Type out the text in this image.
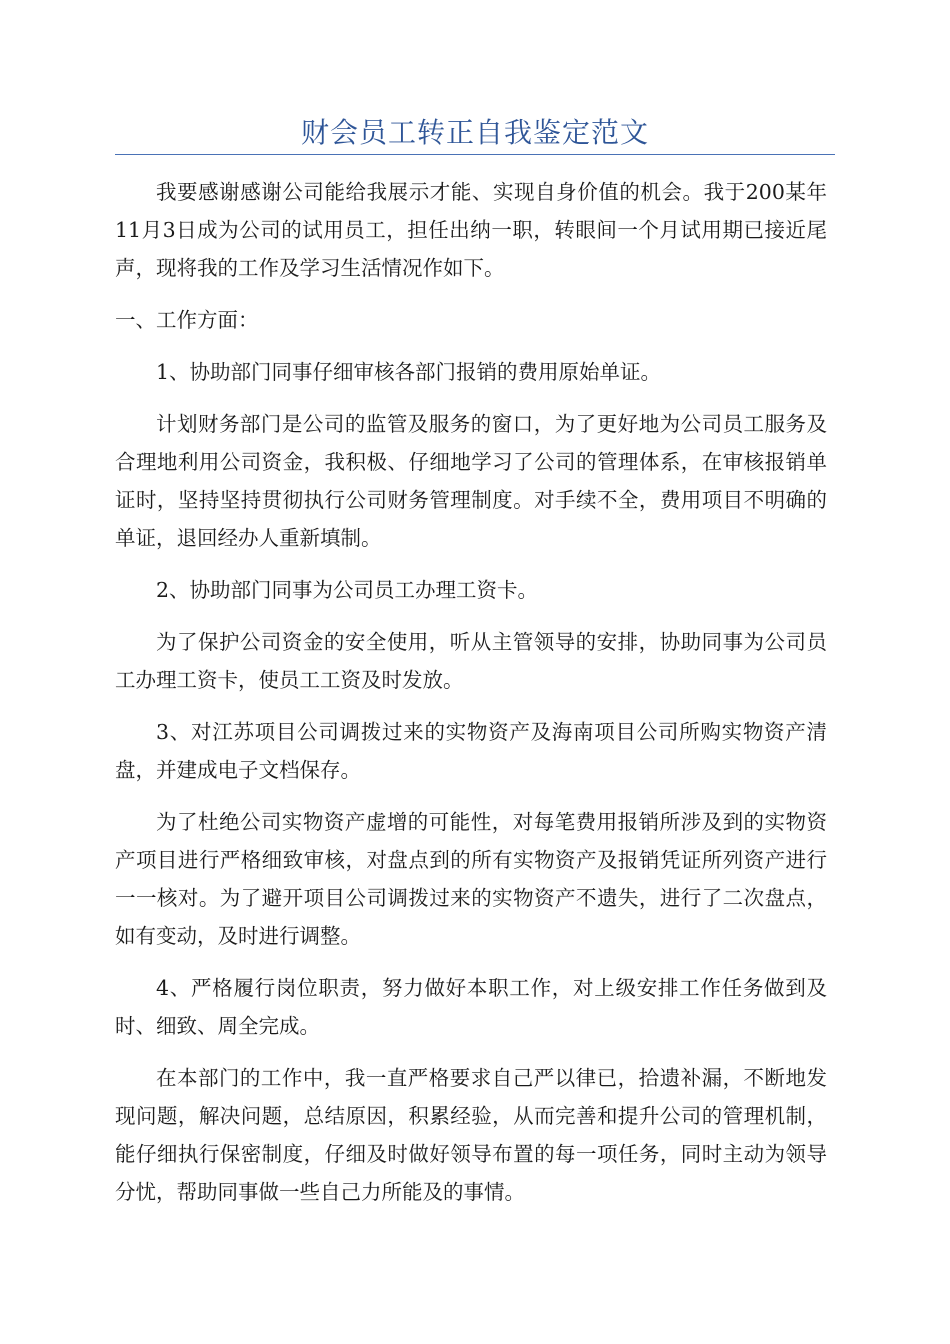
财会员工转正自我鉴定范文

我要感谢感谢公司能给我展示才能、实现自身价值的机会。我于200某年11月3日成为公司的试用员工，担任出纳一职，转眼间一个月试用期已接近尾声，现将我的工作及学习生活情况作如下。

一、工作方面：

1、协助部门同事仔细审核各部门报销的费用原始单证。

计划财务部门是公司的监管及服务的窗口，为了更好地为公司员工服务及合理地利用公司资金，我积极、仔细地学习了公司的管理体系，在审核报销单证时，坚持坚持贯彻执行公司财务管理制度。对手续不全，费用项目不明确的单证，退回经办人重新填制。

2、协助部门同事为公司员工办理工资卡。

为了保护公司资金的安全使用，听从主管领导的安排，协助同事为公司员工办理工资卡，使员工工资及时发放。

3、对江苏项目公司调拨过来的实物资产及海南项目公司所购实物资产清盘，并建成电子文档保存。

为了杜绝公司实物资产虚增的可能性，对每笔费用报销所涉及到的实物资产项目进行严格细致审核，对盘点到的所有实物资产及报销凭证所列资产进行一一核对。为了避开项目公司调拨过来的实物资产不遗失，进行了二次盘点，如有变动，及时进行调整。

4、严格履行岗位职责，努力做好本职工作，对上级安排工作任务做到及时、细致、周全完成。

在本部门的工作中，我一直严格要求自己严以律已，拾遗补漏，不断地发现问题，解决问题，总结原因，积累经验，从而完善和提升公司的管理机制，能仔细执行保密制度，仔细及时做好领导布置的每一项任务，同时主动为领导分忧，帮助同事做一些自己力所能及的事情。
